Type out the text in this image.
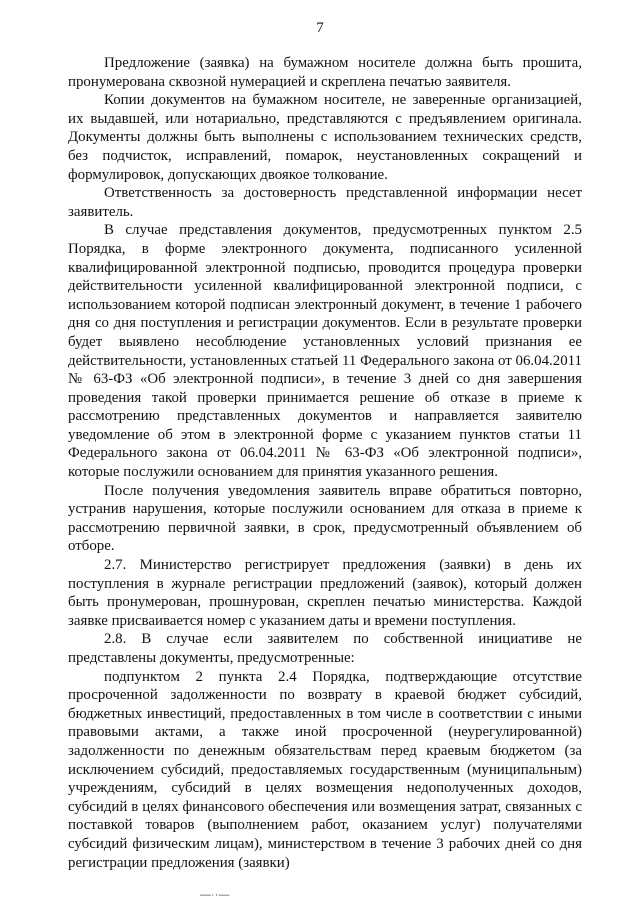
7

Предложение (заявка) на бумажном носителе должна быть прошита, пронумерована сквозной нумерацией и скреплена печатью заявителя.

Копии документов на бумажном носителе, не заверенные организацией, их выдавшей, или нотариально, представляются с предъявлением оригинала. Документы должны быть выполнены с использованием технических средств, без подчисток, исправлений, помарок, неустановленных сокращений и формулировок, допускающих двоякое толкование.

Ответственность за достоверность представленной информации несет заявитель.

В случае представления документов, предусмотренных пунктом 2.5 Порядка, в форме электронного документа, подписанного усиленной квалифицированной электронной подписью, проводится процедура проверки действительности усиленной квалифицированной электронной подписи, с использованием которой подписан электронный документ, в течение 1 рабочего дня со дня поступления и регистрации документов. Если в результате проверки будет выявлено несоблюдение установленных условий признания ее действительности, установленных статьей 11 Федерального закона от 06.04.2011 № 63-ФЗ «Об электронной подписи», в течение 3 дней со дня завершения проведения такой проверки принимается решение об отказе в приеме к рассмотрению представленных документов и направляется заявителю уведомление об этом в электронной форме с указанием пунктов статьи 11 Федерального закона от 06.04.2011 № 63-ФЗ «Об электронной подписи», которые послужили основанием для принятия указанного решения.

После получения уведомления заявитель вправе обратиться повторно, устранив нарушения, которые послужили основанием для отказа в приеме к рассмотрению первичной заявки, в срок, предусмотренный объявлением об отборе.

2.7. Министерство регистрирует предложения (заявки) в день их поступления в журнале регистрации предложений (заявок), который должен быть пронумерован, прошнурован, скреплен печатью министерства. Каждой заявке присваивается номер с указанием даты и времени поступления.

2.8. В случае если заявителем по собственной инициативе не представлены документы, предусмотренные:

подпунктом 2 пункта 2.4 Порядка, подтверждающие отсутствие просроченной задолженности по возврату в краевой бюджет субсидий, бюджетных инвестиций, предоставленных в том числе в соответствии с иными правовыми актами, а также иной просроченной (неурегулированной) задолженности по денежным обязательствам перед краевым бюджетом (за исключением субсидий, предоставляемых государственным (муниципальным) учреждениям, субсидий в целях возмещения недополученных доходов, субсидий в целях финансового обеспечения или возмещения затрат, связанных с поставкой товаров (выполнением работ, оказанием услуг) получателями субсидий физическим лицам), министерством в течение 3 рабочих дней со дня регистрации предложения (заявки)

—··—
